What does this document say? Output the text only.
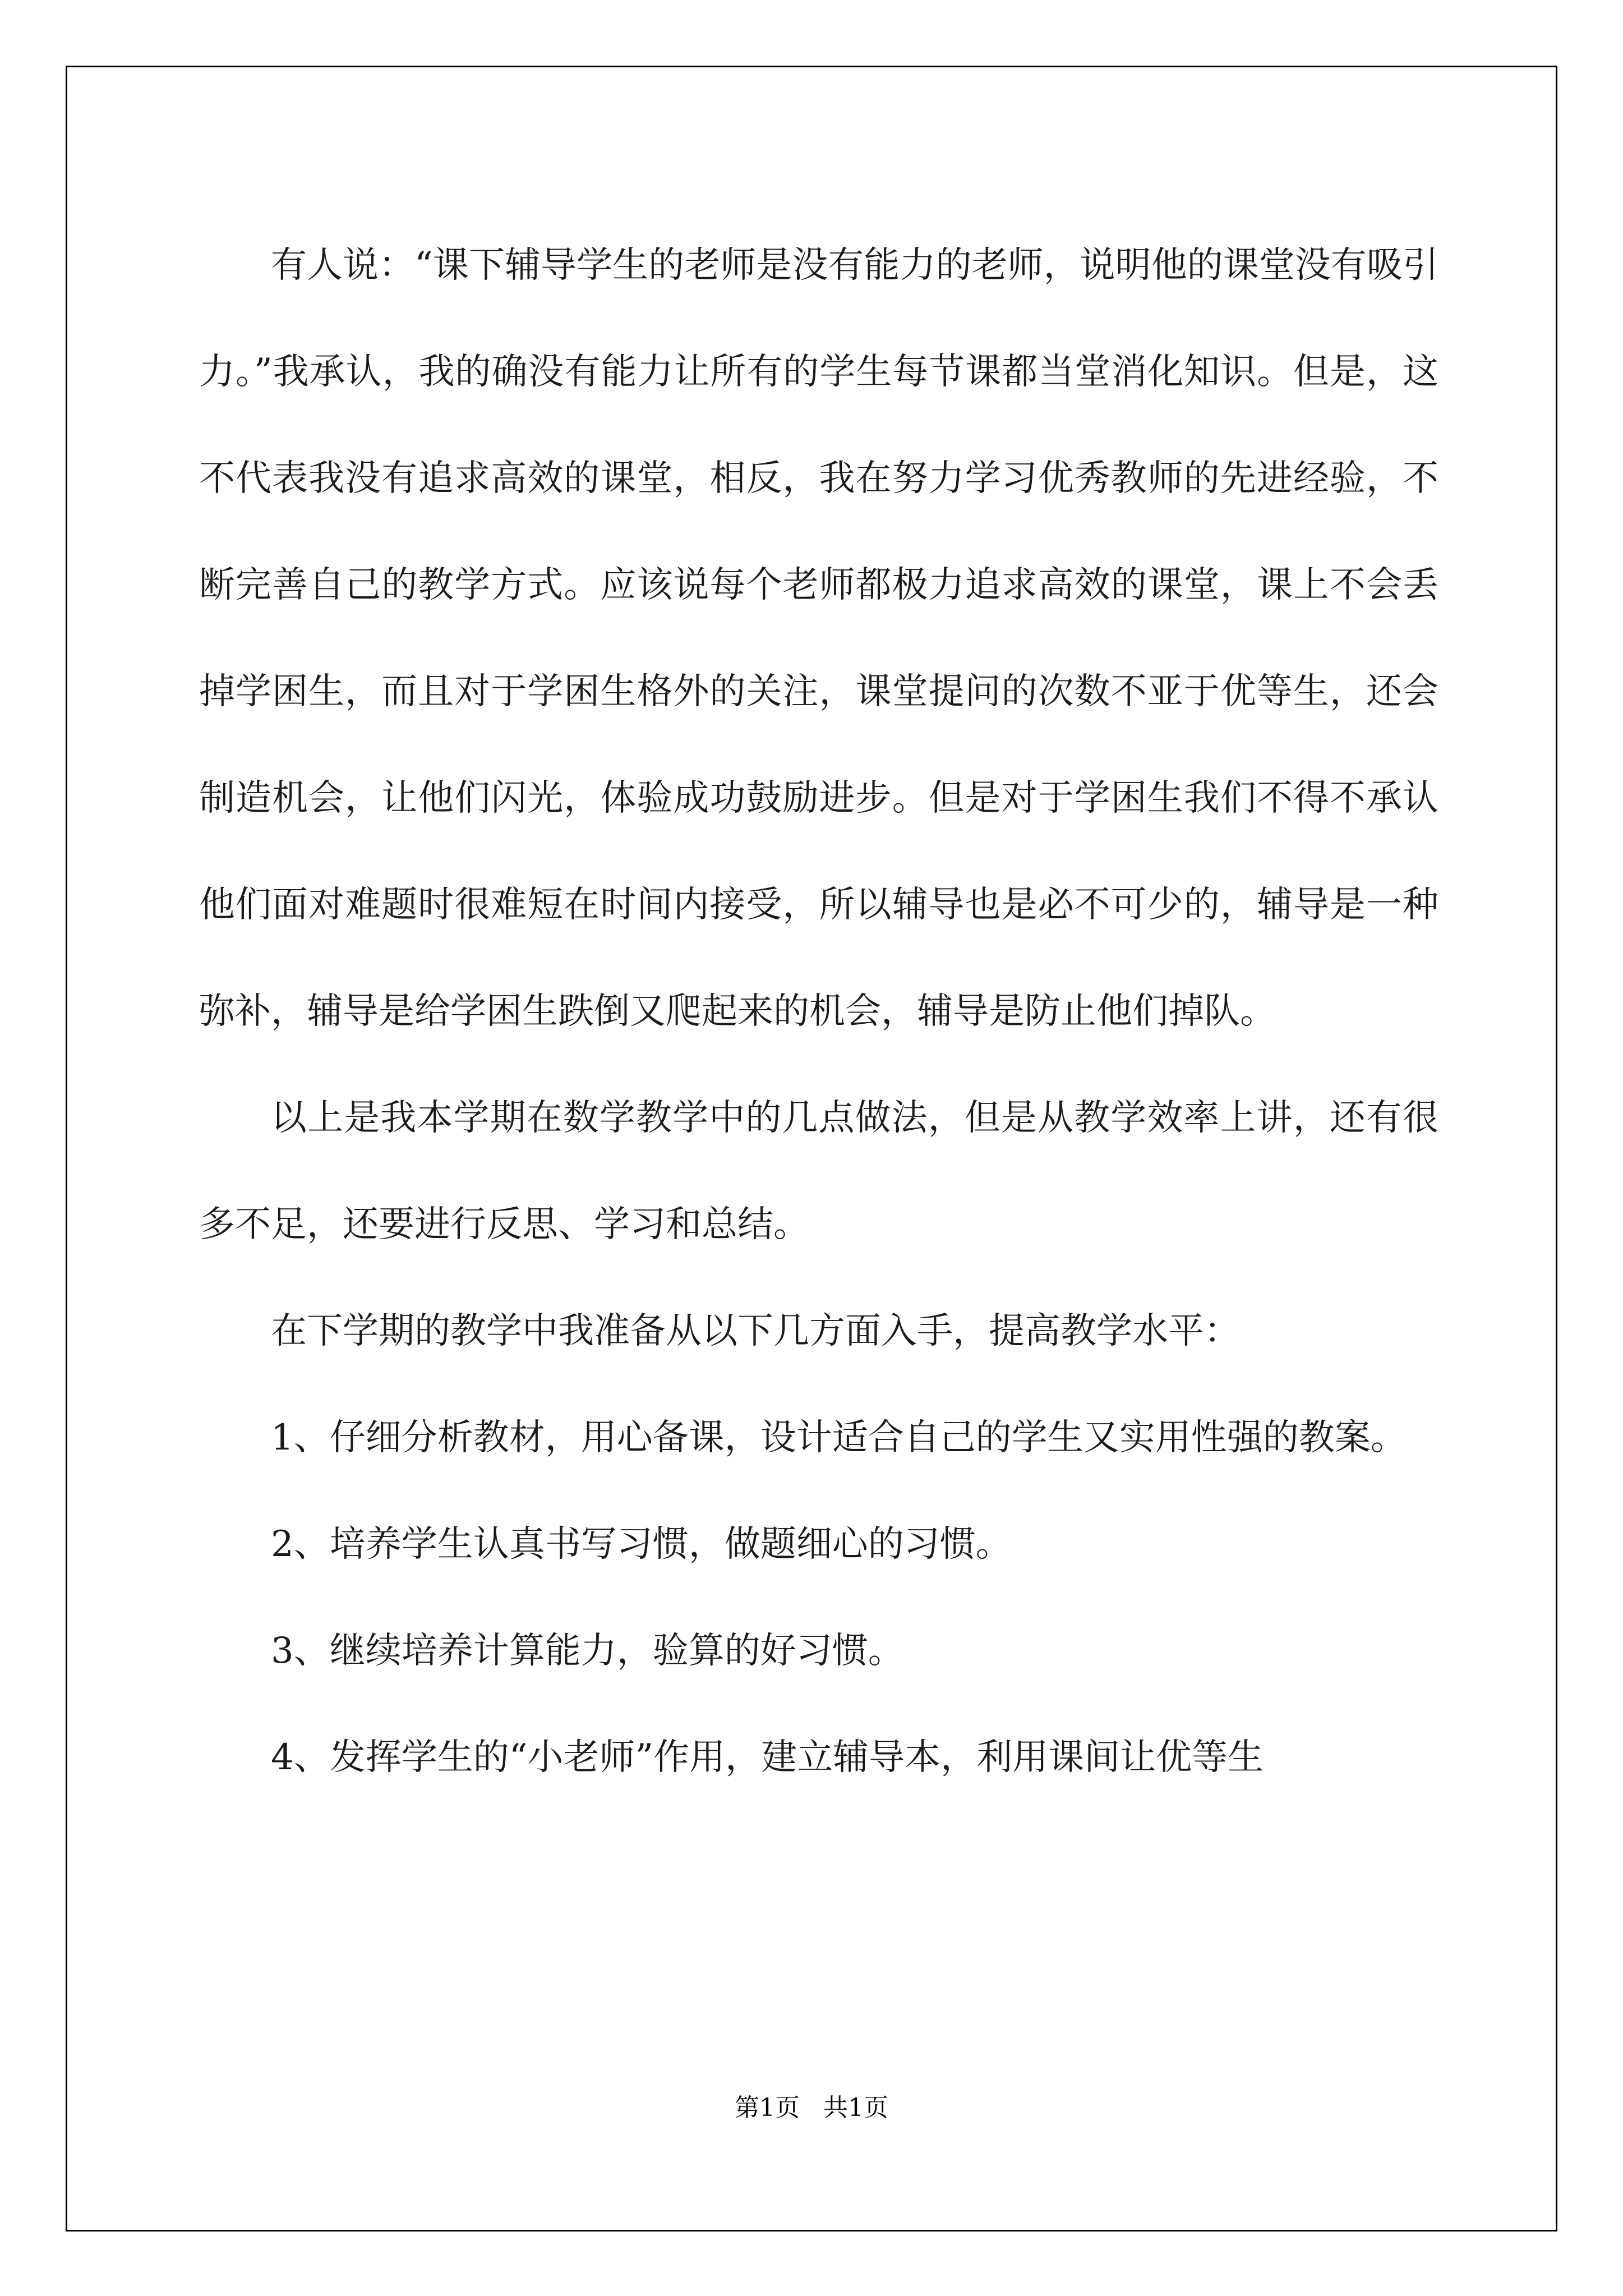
有人说：“课下辅导学生的老师是没有能力的老师，说明他的课堂没有吸引力。”我承认，我的确没有能力让所有的学生每节课都当堂消化知识。但是，这不代表我没有追求高效的课堂，相反，我在努力学习优秀教师的先进经验，不断完善自己的教学方式。应该说每个老师都极力追求高效的课堂，课上不会丢掉学困生，而且对于学困生格外的关注，课堂提问的次数不亚于优等生，还会制造机会，让他们闪光，体验成功鼓励进步。但是对于学困生我们不得不承认他们面对难题时很难短在时间内接受，所以辅导也是必不可少的，辅导是一种弥补，辅导是给学困生跌倒又爬起来的机会，辅导是防止他们掉队。

以上是我本学期在数学教学中的几点做法，但是从教学效率上讲，还有很多不足，还要进行反思、学习和总结。

在下学期的教学中我准备从以下几方面入手，提高教学水平：

1、仔细分析教材，用心备课，设计适合自己的学生又实用性强的教案。

2、培养学生认真书写习惯，做题细心的习惯。

3、继续培养计算能力，验算的好习惯。

4、发挥学生的“小老师”作用，建立辅导本，利用课间让优等生

第1页 共1页
